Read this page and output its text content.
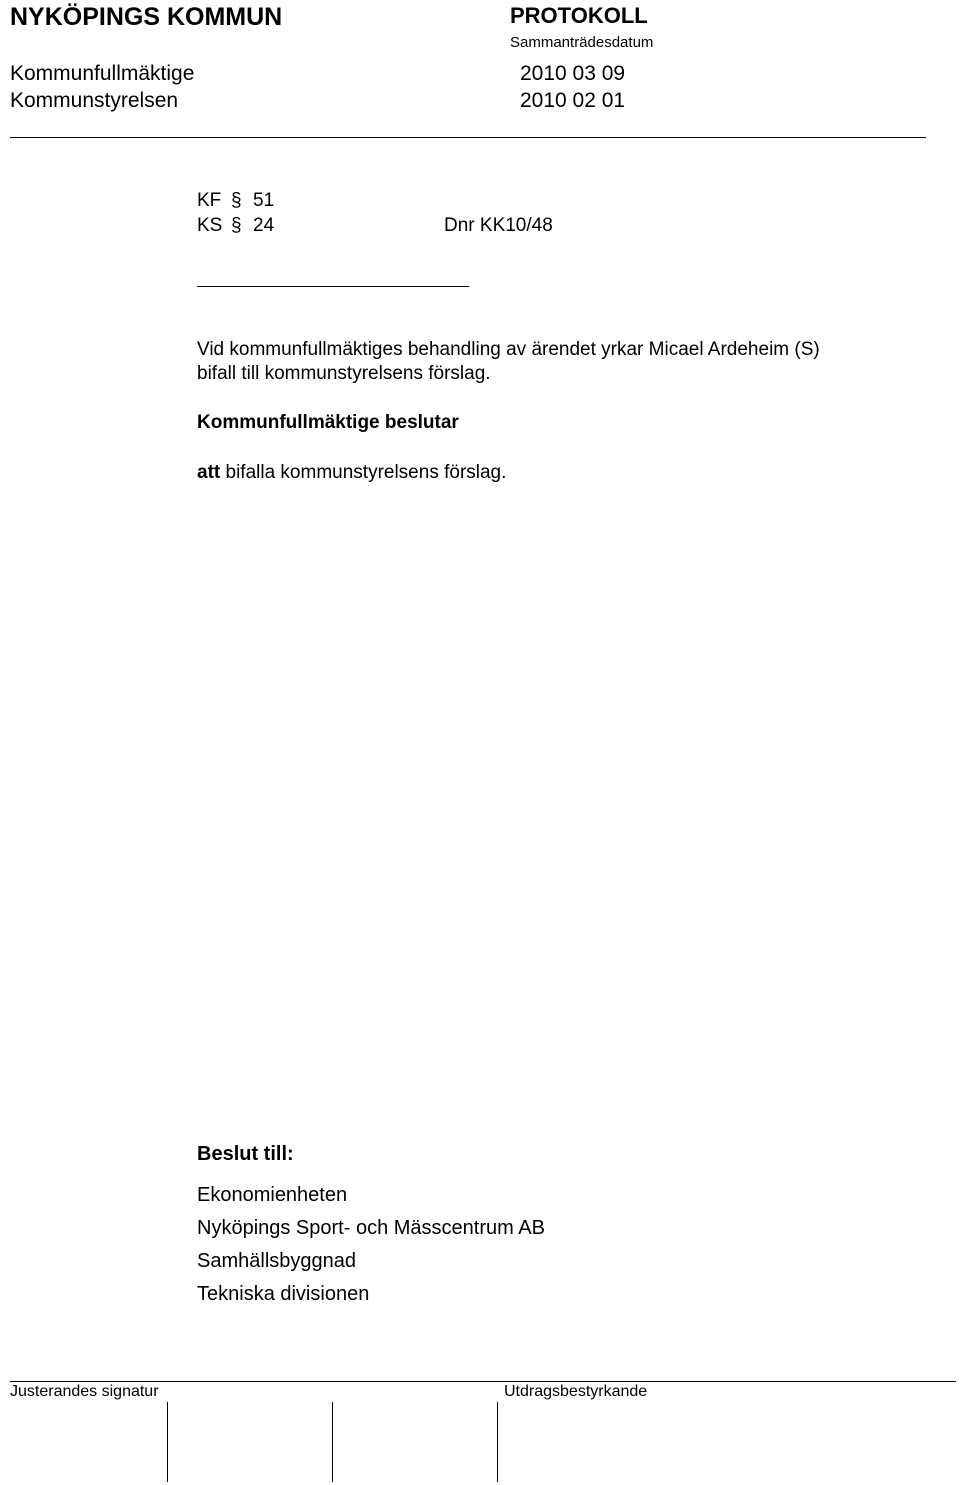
NYKÖPINGS KOMMUN	PROTOKOLL
Sammanträdesdatum
Kommunfullmäktige	2010 03 09
Kommunstyrelsen	2010 02 01
KF § 51
KS § 24	Dnr KK10/48
Vid kommunfullmäktiges behandling av ärendet yrkar Micael Ardeheim (S)
bifall till kommunstyrelsens förslag.
Kommunfullmäktige beslutar
att bifalla kommunstyrelsens förslag.
Beslut till:
Ekonomienheten
Nyköpings Sport- och Mässcentrum AB
Samhällsbyggnad
Tekniska divisionen
Justerandes signatur	Utdragsbestyrkande
